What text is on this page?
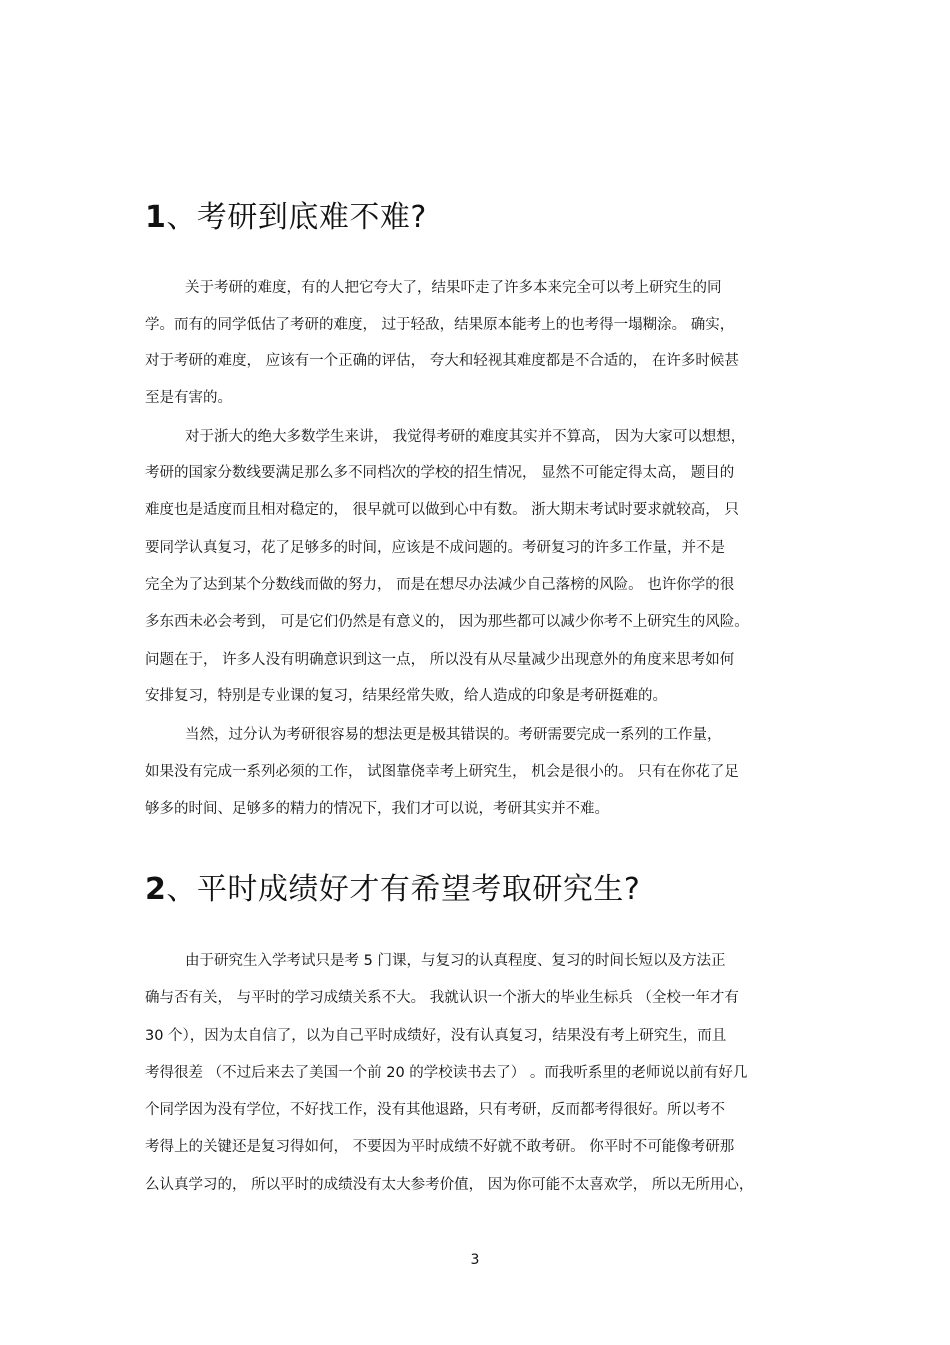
1、考研到底难不难?
关于考研的难度，有的人把它夸大了，结果吓走了许多本来完全可以考上研究生的同
学。而有的同学低估了考研的难度， 过于轻敌，结果原本能考上的也考得一塌糊涂。 确实，
对于考研的难度， 应该有一个正确的评估， 夸大和轻视其难度都是不合适的， 在许多时候甚
至是有害的。
对于浙大的绝大多数学生来讲， 我觉得考研的难度其实并不算高， 因为大家可以想想，
考研的国家分数线要满足那么多不同档次的学校的招生情况， 显然不可能定得太高， 题目的
难度也是适度而且相对稳定的， 很早就可以做到心中有数。 浙大期末考试时要求就较高， 只
要同学认真复习，花了足够多的时间，应该是不成问题的。考研复习的许多工作量，并不是
完全为了达到某个分数线而做的努力， 而是在想尽办法减少自己落榜的风险。 也许你学的很
多东西未必会考到， 可是它们仍然是有意义的， 因为那些都可以减少你考不上研究生的风险。
问题在于， 许多人没有明确意识到这一点， 所以没有从尽量减少出现意外的角度来思考如何
安排复习，特别是专业课的复习，结果经常失败，给人造成的印象是考研挺难的。
当然，过分认为考研很容易的想法更是极其错误的。考研需要完成一系列的工作量，
如果没有完成一系列必须的工作， 试图靠侥幸考上研究生， 机会是很小的。 只有在你花了足
够多的时间、足够多的精力的情况下，我们才可以说，考研其实并不难。
2、平时成绩好才有希望考取研究生?
由于研究生入学考试只是考 5 门课，与复习的认真程度、复习的时间长短以及方法正
确与否有关， 与平时的学习成绩关系不大。 我就认识一个浙大的毕业生标兵 （全校一年才有
30 个），因为太自信了，以为自己平时成绩好，没有认真复习，结果没有考上研究生，而且
考得很差 （不过后来去了美国一个前 20 的学校读书去了） 。而我听系里的老师说以前有好几
个同学因为没有学位，不好找工作，没有其他退路，只有考研，反而都考得很好。所以考不
考得上的关键还是复习得如何， 不要因为平时成绩不好就不敢考研。 你平时不可能像考研那
么认真学习的， 所以平时的成绩没有太大参考价值， 因为你可能不太喜欢学， 所以无所用心，
3
